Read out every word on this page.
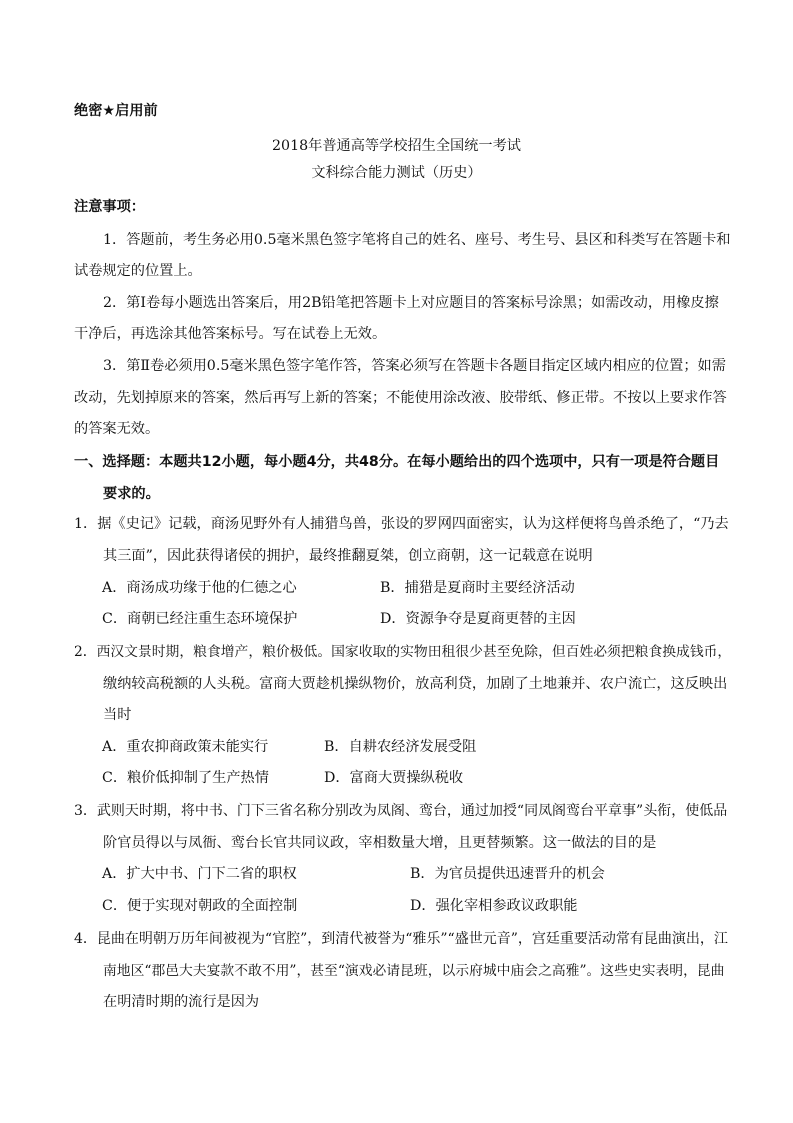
绝密★启用前
2018年普通高等学校招生全国统一考试
文科综合能力测试（历史）
注意事项：
1．答题前，考生务必用0.5毫米黑色签字笔将自己的姓名、座号、考生号、县区和科类写在答题卡和
试卷规定的位置上。
2．第Ⅰ卷每小题选出答案后，用2B铅笔把答题卡上对应题目的答案标号涂黑；如需改动，用橡皮擦
干净后，再选涂其他答案标号。写在试卷上无效。
3．第Ⅱ卷必须用0.5毫米黑色签字笔作答，答案必须写在答题卡各题目指定区域内相应的位置；如需
改动，先划掉原来的答案，然后再写上新的答案；不能使用涂改液、胶带纸、修正带。不按以上要求作答
的答案无效。
一、选择题：本题共12小题，每小题4分，共48分。在每小题给出的四个选项中，只有一项是符合题目
要求的。
1．据《史记》记载，商汤见野外有人捕猎鸟兽，张设的罗网四面密实，认为这样便将鸟兽杀绝了，“乃去
其三面”，因此获得诸侯的拥护，最终推翻夏桀，创立商朝，这一记载意在说明
A．商汤成功缘于他的仁德之心	B．捕猎是夏商时主要经济活动
C．商朝已经注重生态环境保护	D．资源争夺是夏商更替的主因
2．西汉文景时期，粮食增产，粮价极低。国家收取的实物田租很少甚至免除，但百姓必须把粮食换成钱币，
缴纳较高税额的人头税。富商大贾趁机操纵物价，放高利贷，加剧了土地兼并、农户流亡，这反映出
当时
A．重农抑商政策未能实行	B．自耕农经济发展受阻
C．粮价低抑制了生产热情	D．富商大贾操纵税收
3．武则天时期，将中书、门下三省名称分别改为凤阁、鸾台，通过加授“同凤阁鸾台平章事”头衔，使低品
阶官员得以与凤衙、鸾台长官共同议政，宰相数量大增，且更替频繁。这一做法的目的是
A．扩大中书、门下二省的职权	B．为官员提供迅速晋升的机会
C．便于实现对朝政的全面控制	D．强化宰相参政议政职能
4．昆曲在明朝万历年间被视为“官腔”，到清代被誉为“雅乐”“盛世元音”，宫廷重要活动常有昆曲演出，江
南地区“郡邑大夫宴款不敢不用”，甚至“演戏必请昆班，以示府城中庙会之高雅”。这些史实表明，昆曲
在明清时期的流行是因为
